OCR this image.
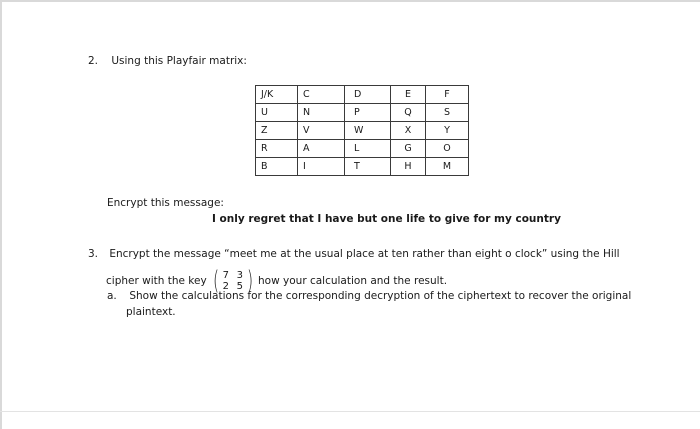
2. Using this Playfair matrix:
J/K	C	D	E	F
U	N	P	Q	S
Z	V	W	X	Y
R	A	L	G	O
B	I	T	H	M
Encrypt this message:
I only regret that I have but one life to give for my country
3. Encrypt the message “meet me at the usual place at ten rather than eight o clock” using the Hill
cipher with the key ( 7 3
2 5 ) how your calculation and the result.
a. Show the calculations for the corresponding decryption of the ciphertext to recover the original
plaintext.
